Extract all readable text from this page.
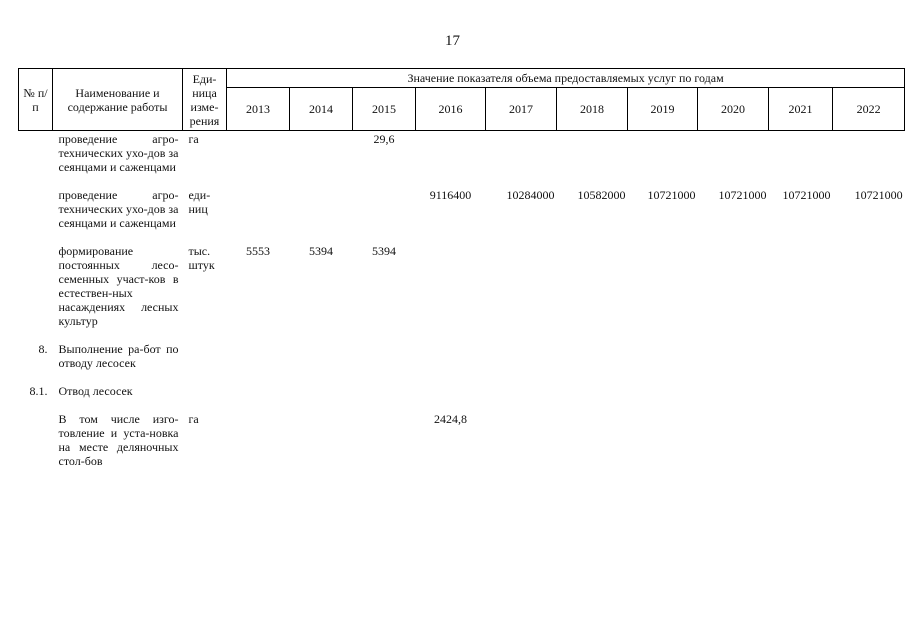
17
№ п/п	Наименование и содержание работы	Еди-ница изме-рения	Значение показателя объема предоставляемых услуг по годам									
			2013	2014	2015	2016	2017	2018	2019	2020	2021	2022
	проведение агро-технических ухо-дов за сеянцами и саженцами	га			29,6							

	проведение агро-технических ухо-дов за сеянцами и саженцами	еди-ниц				9116400	10284000	10582000	10721000	10721000	10721000	10721000

	формирование постоянных лесо-семенных участ-ков в естествен-ных насаждениях лесных культур	тыс. штук	5553	5394	5394							

8.	Выполнение ра-бот по отводу лесосек											

8.1.	Отвод лесосек											

	В том числе изго-товление и уста-новка на месте деляночных стол-бов	га				2424,8						
